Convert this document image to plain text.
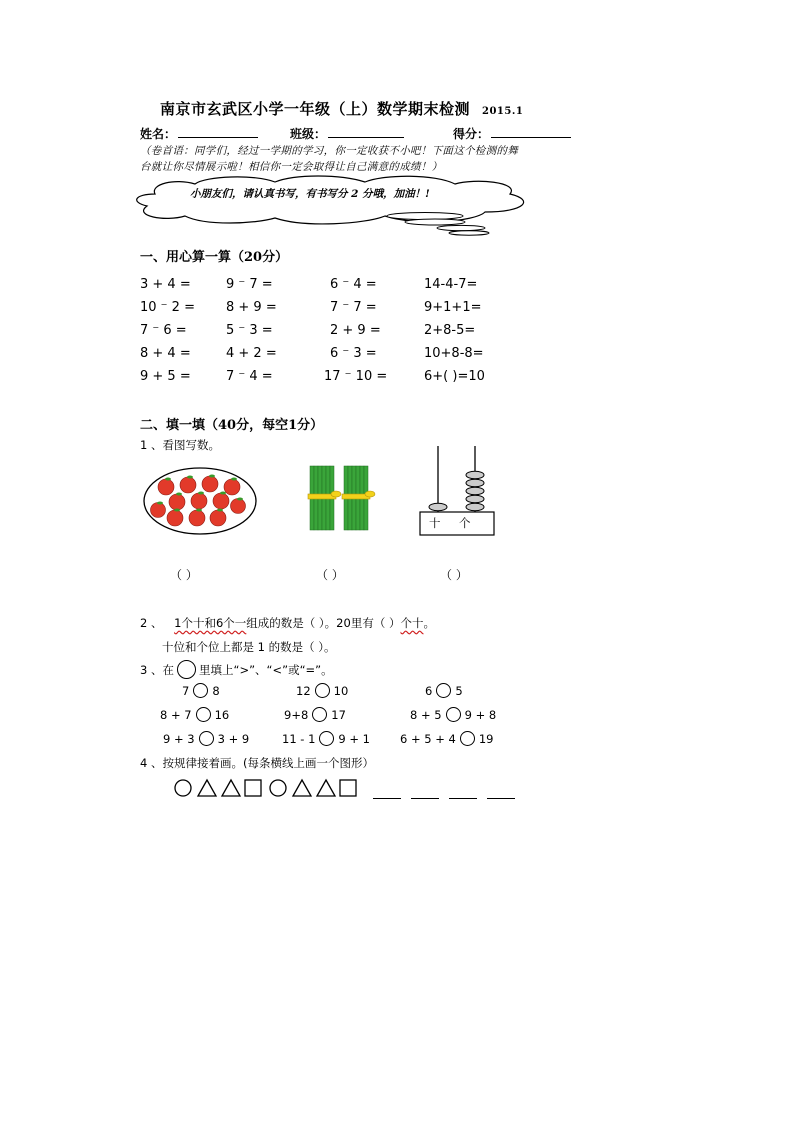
南京市玄武区小学一年级（上）数学期末检测 2015.1
姓名：	班级：	得分：
（卷首语：同学们，经过一学期的学习，你一定收获不小吧！下面这个检测的舞
台就让你尽情展示啦！相信你一定会取得让自己满意的成绩！）
小朋友们，请认真书写，有书写分 2 分哦，加油！!
一、用心算一算（20分）
3 + 4 =	9 ⁻ 7 =	6 ⁻ 4 =	14-4-7=
10 ⁻ 2 = 8 + 9 =	7 ⁻ 7 =	9+1+1=
7 ⁻ 6 =	5 ⁻ 3 =	2 + 9 =	2+8-5=
8 + 4 =	4 + 2 =	6 ⁻ 3 =	10+8-8=
9 + 5 =	7 ⁻ 4 =	17 ⁻ 10 =	6+( )=10
二、填一填（40分，每空1分）
1 、看图写数。
十 个
（ ）	（ ）	（ ）
2 、 1个十和6个一组成的数是（ ）。20里有（ ）个十。
十位和个位上都是 1 的数是（ ）。
3 、在 里填上“>”、“<”或“=”。
7 8	12 10	6 5
8 + 7 16	9+8 17	8 + 5 9 + 8
9 + 3 3 + 9	11 - 1 9 + 1	6 + 5 + 4 19
4 、按规律接着画。(每条横线上画一个图形）
